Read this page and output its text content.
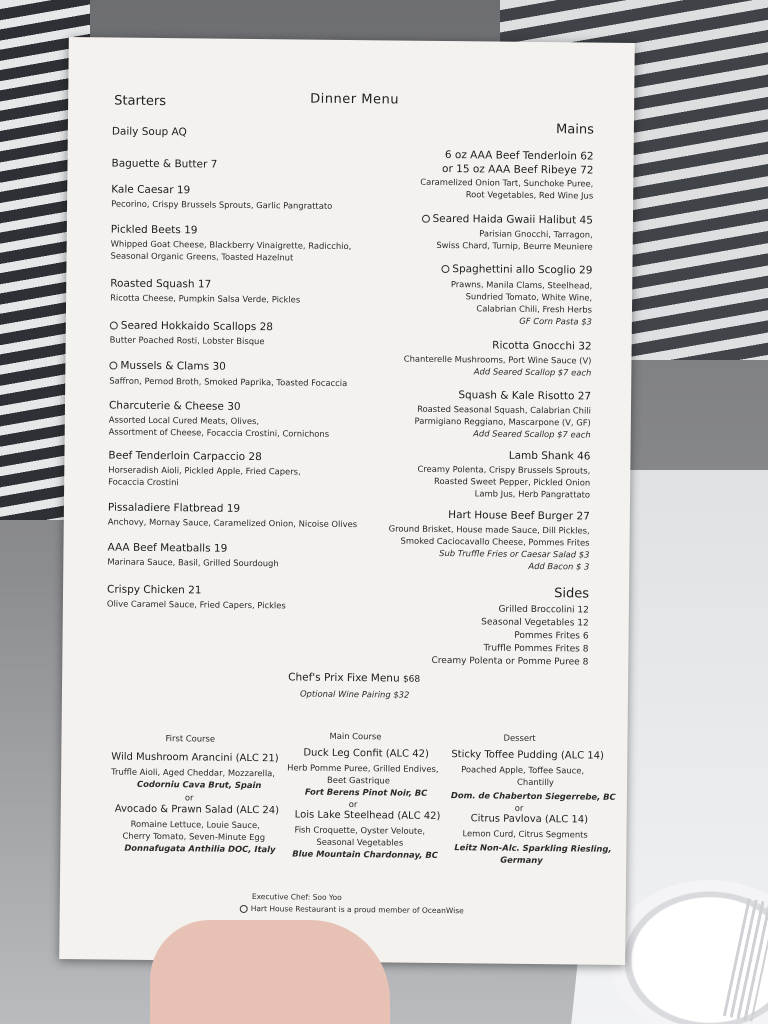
Dinner Menu
Starters
Daily Soup AQ
Baguette & Butter 7
Kale Caesar 19
Pecorino, Crispy Brussels Sprouts, Garlic Pangrattato
Pickled Beets 19
Whipped Goat Cheese, Blackberry Vinaigrette, Radicchio,
Seasonal Organic Greens, Toasted Hazelnut
Roasted Squash 17
Ricotta Cheese, Pumpkin Salsa Verde, Pickles
Seared Hokkaido Scallops 28
Butter Poached Rosti, Lobster Bisque
Mussels & Clams 30
Saffron, Pernod Broth, Smoked Paprika, Toasted Focaccia
Charcuterie & Cheese 30
Assorted Local Cured Meats, Olives,
Assortment of Cheese, Focaccia Crostini, Cornichons
Beef Tenderloin Carpaccio 28
Horseradish Aioli, Pickled Apple, Fried Capers,
Focaccia Crostini
Pissaladiere Flatbread 19
Anchovy, Mornay Sauce, Caramelized Onion, Nicoise Olives
AAA Beef Meatballs 19
Marinara Sauce, Basil, Grilled Sourdough
Crispy Chicken 21
Olive Caramel Sauce, Fried Capers, Pickles
Mains
6 oz AAA Beef Tenderloin 62
or 15 oz AAA Beef Ribeye 72
Caramelized Onion Tart, Sunchoke Puree,
Root Vegetables, Red Wine Jus
Seared Haida Gwaii Halibut 45
Parisian Gnocchi, Tarragon,
Swiss Chard, Turnip, Beurre Meuniere
Spaghettini allo Scoglio 29
Prawns, Manila Clams, Steelhead,
Sundried Tomato, White Wine,
Calabrian Chili, Fresh Herbs
GF Corn Pasta $3
Ricotta Gnocchi 32
Chanterelle Mushrooms, Port Wine Sauce (V)
Add Seared Scallop $7 each
Squash & Kale Risotto 27
Roasted Seasonal Squash, Calabrian Chili
Parmigiano Reggiano, Mascarpone (V, GF)
Add Seared Scallop $7 each
Lamb Shank 46
Creamy Polenta, Crispy Brussels Sprouts,
Roasted Sweet Pepper, Pickled Onion
Lamb Jus, Herb Pangrattato
Hart House Beef Burger 27
Ground Brisket, House made Sauce, Dill Pickles,
Smoked Caciocavallo Cheese, Pommes Frites
Sub Truffle Fries or Caesar Salad $3
Add Bacon $ 3
Sides
Grilled Broccolini 12
Seasonal Vegetables 12
Pommes Frites 6
Truffle Pommes Frites 8
Creamy Polenta or Pomme Puree 8
Chef's Prix Fixe Menu $68
Optional Wine Pairing $32
First Course
Wild Mushroom Arancini (ALC 21)
Truffle Aioli, Aged Cheddar, Mozzarella,
Codorniu Cava Brut, Spain
or
Avocado & Prawn Salad (ALC 24)
Romaine Lettuce, Louie Sauce,
Cherry Tomato, Seven-Minute Egg
Donnafugata Anthilia DOC, Italy
Main Course
Duck Leg Confit (ALC 42)
Herb Pomme Puree, Grilled Endives,
Beet Gastrique
Fort Berens Pinot Noir, BC
or
Lois Lake Steelhead (ALC 42)
Fish Croquette, Oyster Veloute,
Seasonal Vegetables
Blue Mountain Chardonnay, BC
Dessert
Sticky Toffee Pudding (ALC 14)
Poached Apple, Toffee Sauce,
Chantilly
Dom. de Chaberton Siegerrebe, BC
or
Citrus Pavlova (ALC 14)
Lemon Curd, Citrus Segments
Leitz Non-Alc. Sparkling Riesling,
Germany
Executive Chef: Soo Yoo
Hart House Restaurant is a proud member of OceanWise
